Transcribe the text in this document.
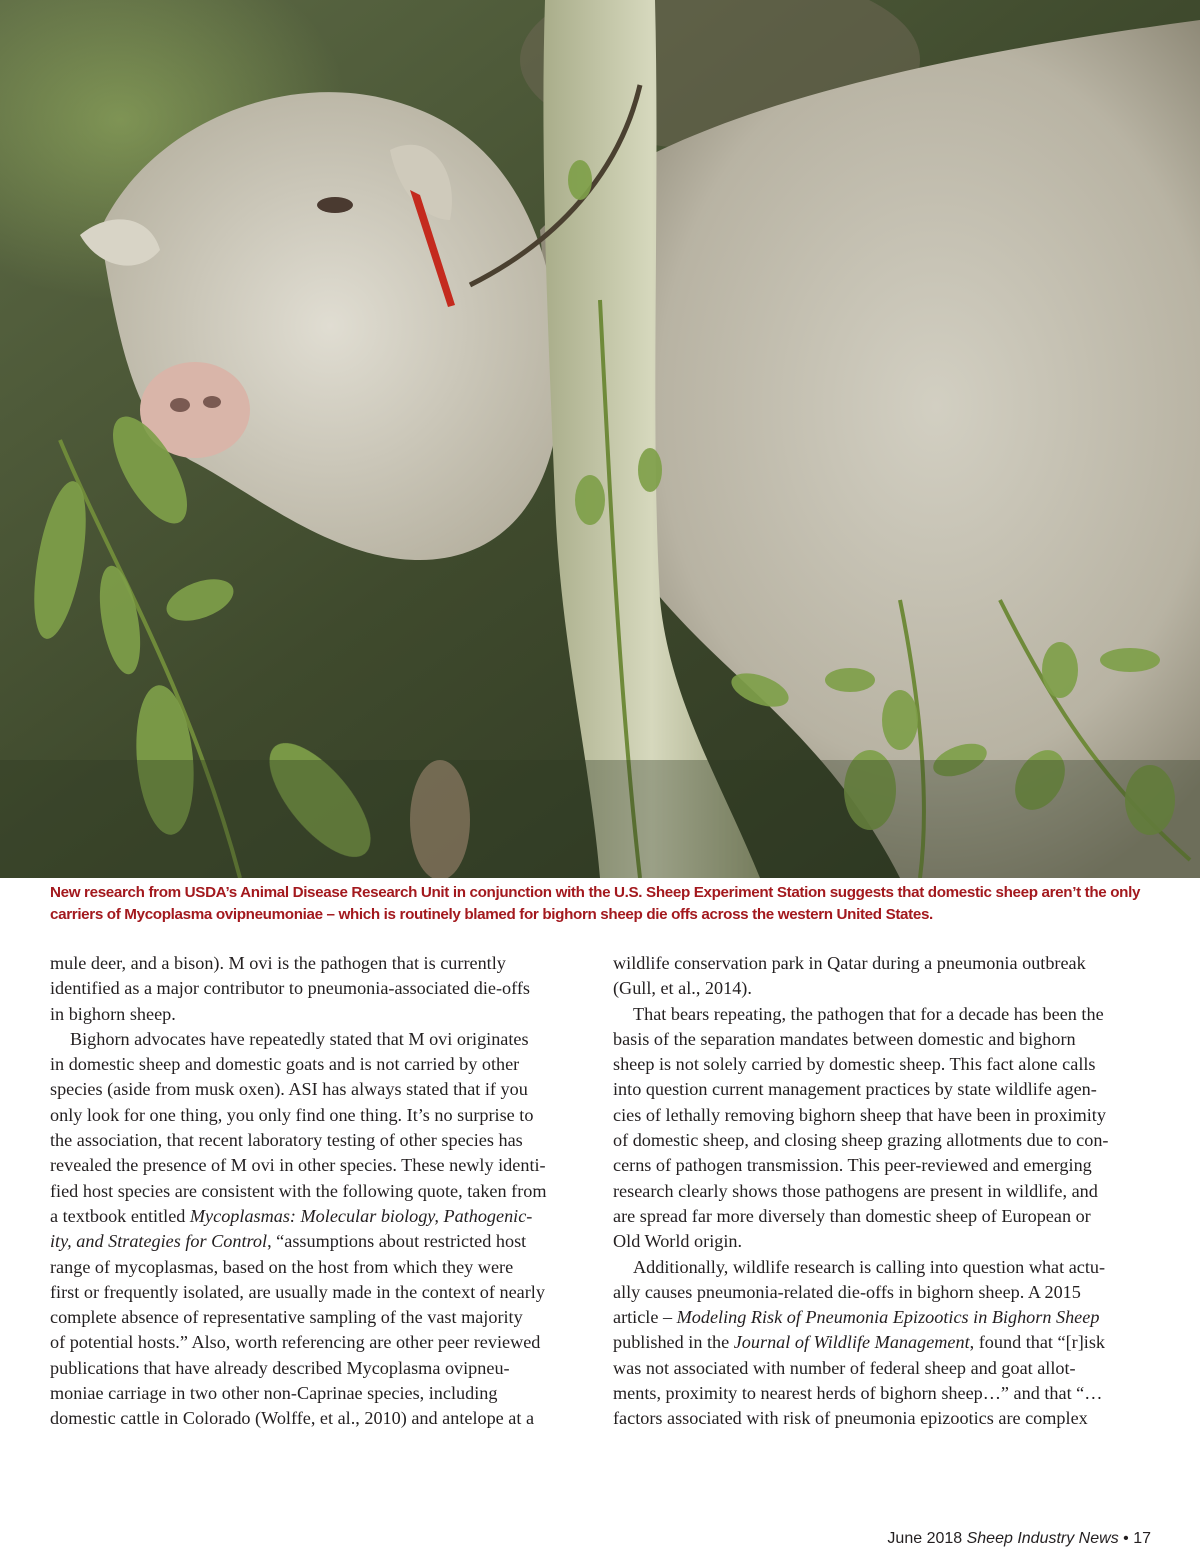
New research from USDA’s Animal Disease Research Unit in conjunction with the U.S. Sheep Experiment Station suggests that domestic sheep aren’t the only
carriers of Mycoplasma ovipneumoniae – which is routinely blamed for bighorn sheep die offs across the western United States.
mule deer, and a bison). M ovi is the pathogen that is currently
identified as a major contributor to pneumonia-associated die-offs
in bighorn sheep.
Bighorn advocates have repeatedly stated that M ovi originates
in domestic sheep and domestic goats and is not carried by other
species (aside from musk oxen). ASI has always stated that if you
only look for one thing, you only find one thing. It’s no surprise to
the association, that recent laboratory testing of other species has
revealed the presence of M ovi in other species. These newly identi-
fied host species are consistent with the following quote, taken from
a textbook entitled Mycoplasmas: Molecular biology, Pathogenic-
ity, and Strategies for Control, “assumptions about restricted host
range of mycoplasmas, based on the host from which they were
first or frequently isolated, are usually made in the context of nearly
complete absence of representative sampling of the vast majority
of potential hosts.” Also, worth referencing are other peer reviewed
publications that have already described Mycoplasma ovipneu-
moniae carriage in two other non-Caprinae species, including
domestic cattle in Colorado (Wolffe, et al., 2010) and antelope at a
wildlife conservation park in Qatar during a pneumonia outbreak
(Gull, et al., 2014).
That bears repeating, the pathogen that for a decade has been the
basis of the separation mandates between domestic and bighorn
sheep is not solely carried by domestic sheep. This fact alone calls
into question current management practices by state wildlife agen-
cies of lethally removing bighorn sheep that have been in proximity
of domestic sheep, and closing sheep grazing allotments due to con-
cerns of pathogen transmission. This peer-reviewed and emerging
research clearly shows those pathogens are present in wildlife, and
are spread far more diversely than domestic sheep of European or
Old World origin.
Additionally, wildlife research is calling into question what actu-
ally causes pneumonia-related die-offs in bighorn sheep. A 2015
article – Modeling Risk of Pneumonia Epizootics in Bighorn Sheep
published in the Journal of Wildlife Management, found that “[r]isk
was not associated with number of federal sheep and goat allot-
ments, proximity to nearest herds of bighorn sheep…” and that “…
factors associated with risk of pneumonia epizootics are complex
June 2018 Sheep Industry News • 17
